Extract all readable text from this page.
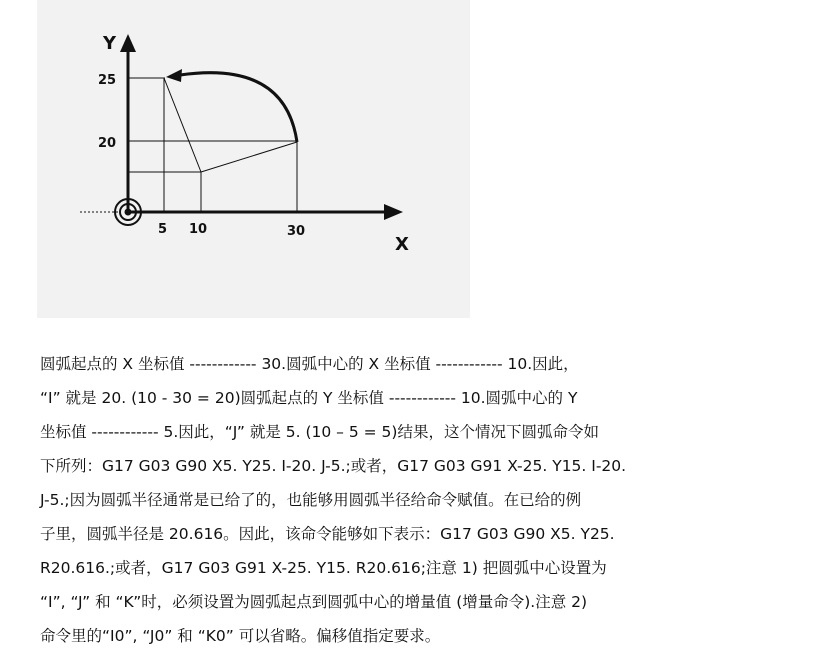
Y
X
25
20
5 10	30
圆弧起点的 X 坐标值 ------------ 30.圆弧中心的 X 坐标值 ------------ 10.因此，
“I” 就是 20. (10 - 30 = 20)圆弧起点的 Y 坐标值 ------------ 10.圆弧中心的 Y
坐标值 ------------ 5.因此，“J” 就是 5. (10 – 5 = 5)结果，这个情况下圆弧命令如
下所列：G17 G03 G90 X5. Y25. I-20. J-5.;或者，G17 G03 G91 X-25. Y15. I-20.
J-5.;因为圆弧半径通常是已给了的，也能够用圆弧半径给命令赋值。在已给的例
子里，圆弧半径是 20.616。因此，该命令能够如下表示：G17 G03 G90 X5. Y25.
R20.616.;或者，G17 G03 G91 X-25. Y15. R20.616;注意 1) 把圆弧中心设置为
“I”, “J” 和 “K”时，必须设置为圆弧起点到圆弧中心的增量值 (增量命令).注意 2)
命令里的“I0”, “J0” 和 “K0” 可以省略。偏移值指定要求。
